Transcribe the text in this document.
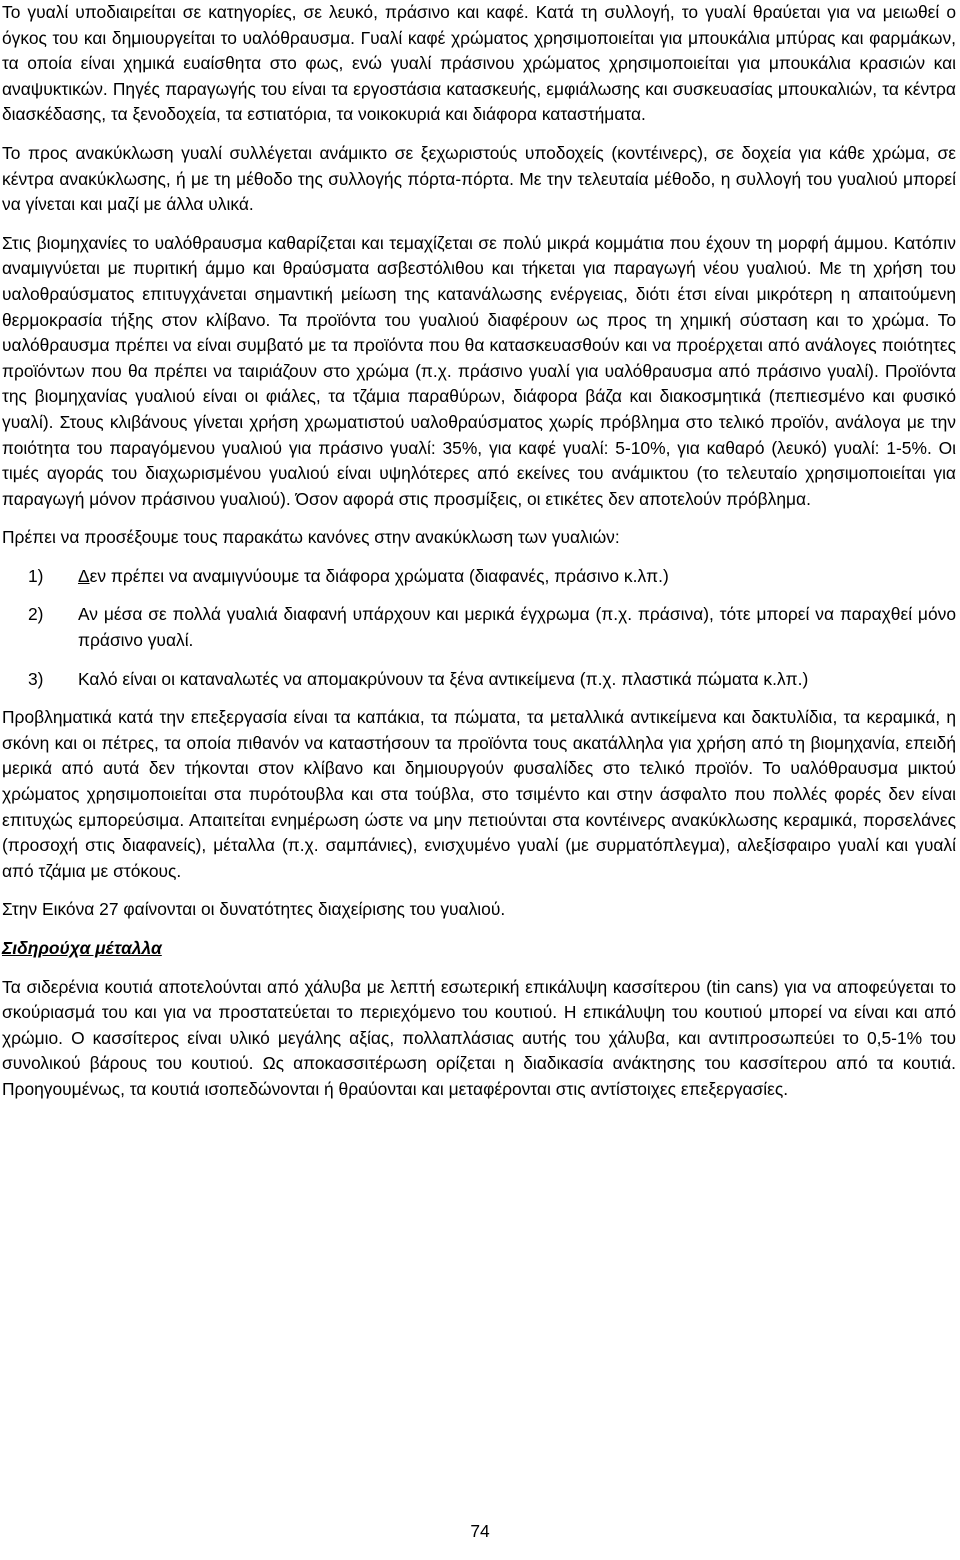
Το γυαλί υποδιαιρείται σε κατηγορίες, σε λευκό, πράσινο και καφέ. Κατά τη συλλογή, το γυαλί θραύεται για να μειωθεί ο όγκος του και δημιουργείται το υαλόθραυσμα. Γυαλί καφέ χρώματος χρησιμοποιείται για μπουκάλια μπύρας και φαρμάκων, τα οποία είναι χημικά ευαίσθητα στο φως, ενώ γυαλί πράσινου χρώματος χρησιμοποιείται για μπουκάλια κρασιών και αναψυκτικών. Πηγές παραγωγής του είναι τα εργοστάσια κατασκευής, εμφιάλωσης και συσκευασίας μπουκαλιών, τα κέντρα διασκέδασης, τα ξενοδοχεία, τα εστιατόρια, τα νοικοκυριά και διάφορα καταστήματα.

Το προς ανακύκλωση γυαλί συλλέγεται ανάμικτο σε ξεχωριστούς υποδοχείς (κοντέινερς), σε δοχεία για κάθε χρώμα, σε κέντρα ανακύκλωσης, ή με τη μέθοδο της συλλογής πόρτα-πόρτα. Με την τελευταία μέθοδο, η συλλογή του γυαλιού μπορεί να γίνεται και μαζί με άλλα υλικά.

Στις βιομηχανίες το υαλόθραυσμα καθαρίζεται και τεμαχίζεται σε πολύ μικρά κομμάτια που έχουν τη μορφή άμμου. Κατόπιν αναμιγνύεται με πυριτική άμμο και θραύσματα ασβεστόλιθου και τήκεται για παραγωγή νέου γυαλιού. Με τη χρήση του υαλοθραύσματος επιτυγχάνεται σημαντική μείωση της κατανάλωσης ενέργειας, διότι έτσι είναι μικρότερη η απαιτούμενη θερμοκρασία τήξης στον κλίβανο. Τα προϊόντα του γυαλιού διαφέρουν ως προς τη χημική σύσταση και το χρώμα. Το υαλόθραυσμα πρέπει να είναι συμβατό με τα προϊόντα που θα κατασκευασθούν και να προέρχεται από ανάλογες ποιότητες προϊόντων που θα πρέπει να ταιριάζουν στο χρώμα (π.χ. πράσινο γυαλί για υαλόθραυσμα από πράσινο γυαλί). Προϊόντα της βιομηχανίας γυαλιού είναι οι φιάλες, τα τζάμια παραθύρων, διάφορα βάζα και διακοσμητικά (πεπιεσμένο και φυσικό γυαλί). Στους κλιβάνους γίνεται χρήση χρωματιστού υαλοθραύσματος χωρίς πρόβλημα στο τελικό προϊόν, ανάλογα με την ποιότητα του παραγόμενου γυαλιού για πράσινο γυαλί: 35%, για καφέ γυαλί: 5-10%, για καθαρό (λευκό) γυαλί: 1-5%. Οι τιμές αγοράς του διαχωρισμένου γυαλιού είναι υψηλότερες από εκείνες του ανάμικτου (το τελευταίο χρησιμοποιείται για παραγωγή μόνον πράσινου γυαλιού). Όσον αφορά στις προσμίξεις, οι ετικέτες δεν αποτελούν πρόβλημα.

Πρέπει να προσέξουμε τους παρακάτω κανόνες στην ανακύκλωση των γυαλιών:

1)	Δεν πρέπει να αναμιγνύουμε τα διάφορα χρώματα (διαφανές, πράσινο κ.λπ.)
2)	Αν μέσα σε πολλά γυαλιά διαφανή υπάρχουν και μερικά έγχρωμα (π.χ. πράσινα), τότε μπορεί να παραχθεί μόνο πράσινο γυαλί.
3)	Καλό είναι οι καταναλωτές να απομακρύνουν τα ξένα αντικείμενα (π.χ. πλαστικά πώματα κ.λπ.)

Προβληματικά κατά την επεξεργασία είναι τα καπάκια, τα πώματα, τα μεταλλικά αντικείμενα και δακτυλίδια, τα κεραμικά, η σκόνη και οι πέτρες, τα οποία πιθανόν να καταστήσουν τα προϊόντα τους ακατάλληλα για χρήση από τη βιομηχανία, επειδή μερικά από αυτά δεν τήκονται στον κλίβανο και δημιουργούν φυσαλίδες στο τελικό προϊόν. Το υαλόθραυσμα μικτού χρώματος χρησιμοποιείται στα πυρότουβλα και στα τούβλα, στο τσιμέντο και στην άσφαλτο που πολλές φορές δεν είναι επιτυχώς εμπορεύσιμα. Απαιτείται ενημέρωση ώστε να μην πετιούνται στα κοντέινερς ανακύκλωσης κεραμικά, πορσελάνες (προσοχή στις διαφανείς), μέταλλα (π.χ. σαμπάνιες), ενισχυμένο γυαλί (με συρματόπλεγμα), αλεξίσφαιρο γυαλί και γυαλί από τζάμια με στόκους.

Στην Εικόνα 27 φαίνονται οι δυνατότητες διαχείρισης του γυαλιού.

Σιδηρούχα μέταλλα

Τα σιδερένια κουτιά αποτελούνται από χάλυβα με λεπτή εσωτερική επικάλυψη κασσίτερου (tin cans) για να αποφεύγεται το σκούριασμά του και για να προστατεύεται το περιεχόμενο του κουτιού. Η επικάλυψη του κουτιού μπορεί να είναι και από χρώμιο. Ο κασσίτερος είναι υλικό μεγάλης αξίας, πολλαπλάσιας αυτής του χάλυβα, και αντιπροσωπεύει το 0,5-1% του συνολικού βάρους του κουτιού. Ως αποκασσιτέρωση ορίζεται η διαδικασία ανάκτησης του κασσίτερου από τα κουτιά. Προηγουμένως, τα κουτιά ισοπεδώνονται ή θραύονται και μεταφέρονται στις αντίστοιχες επεξεργασίες.

74
